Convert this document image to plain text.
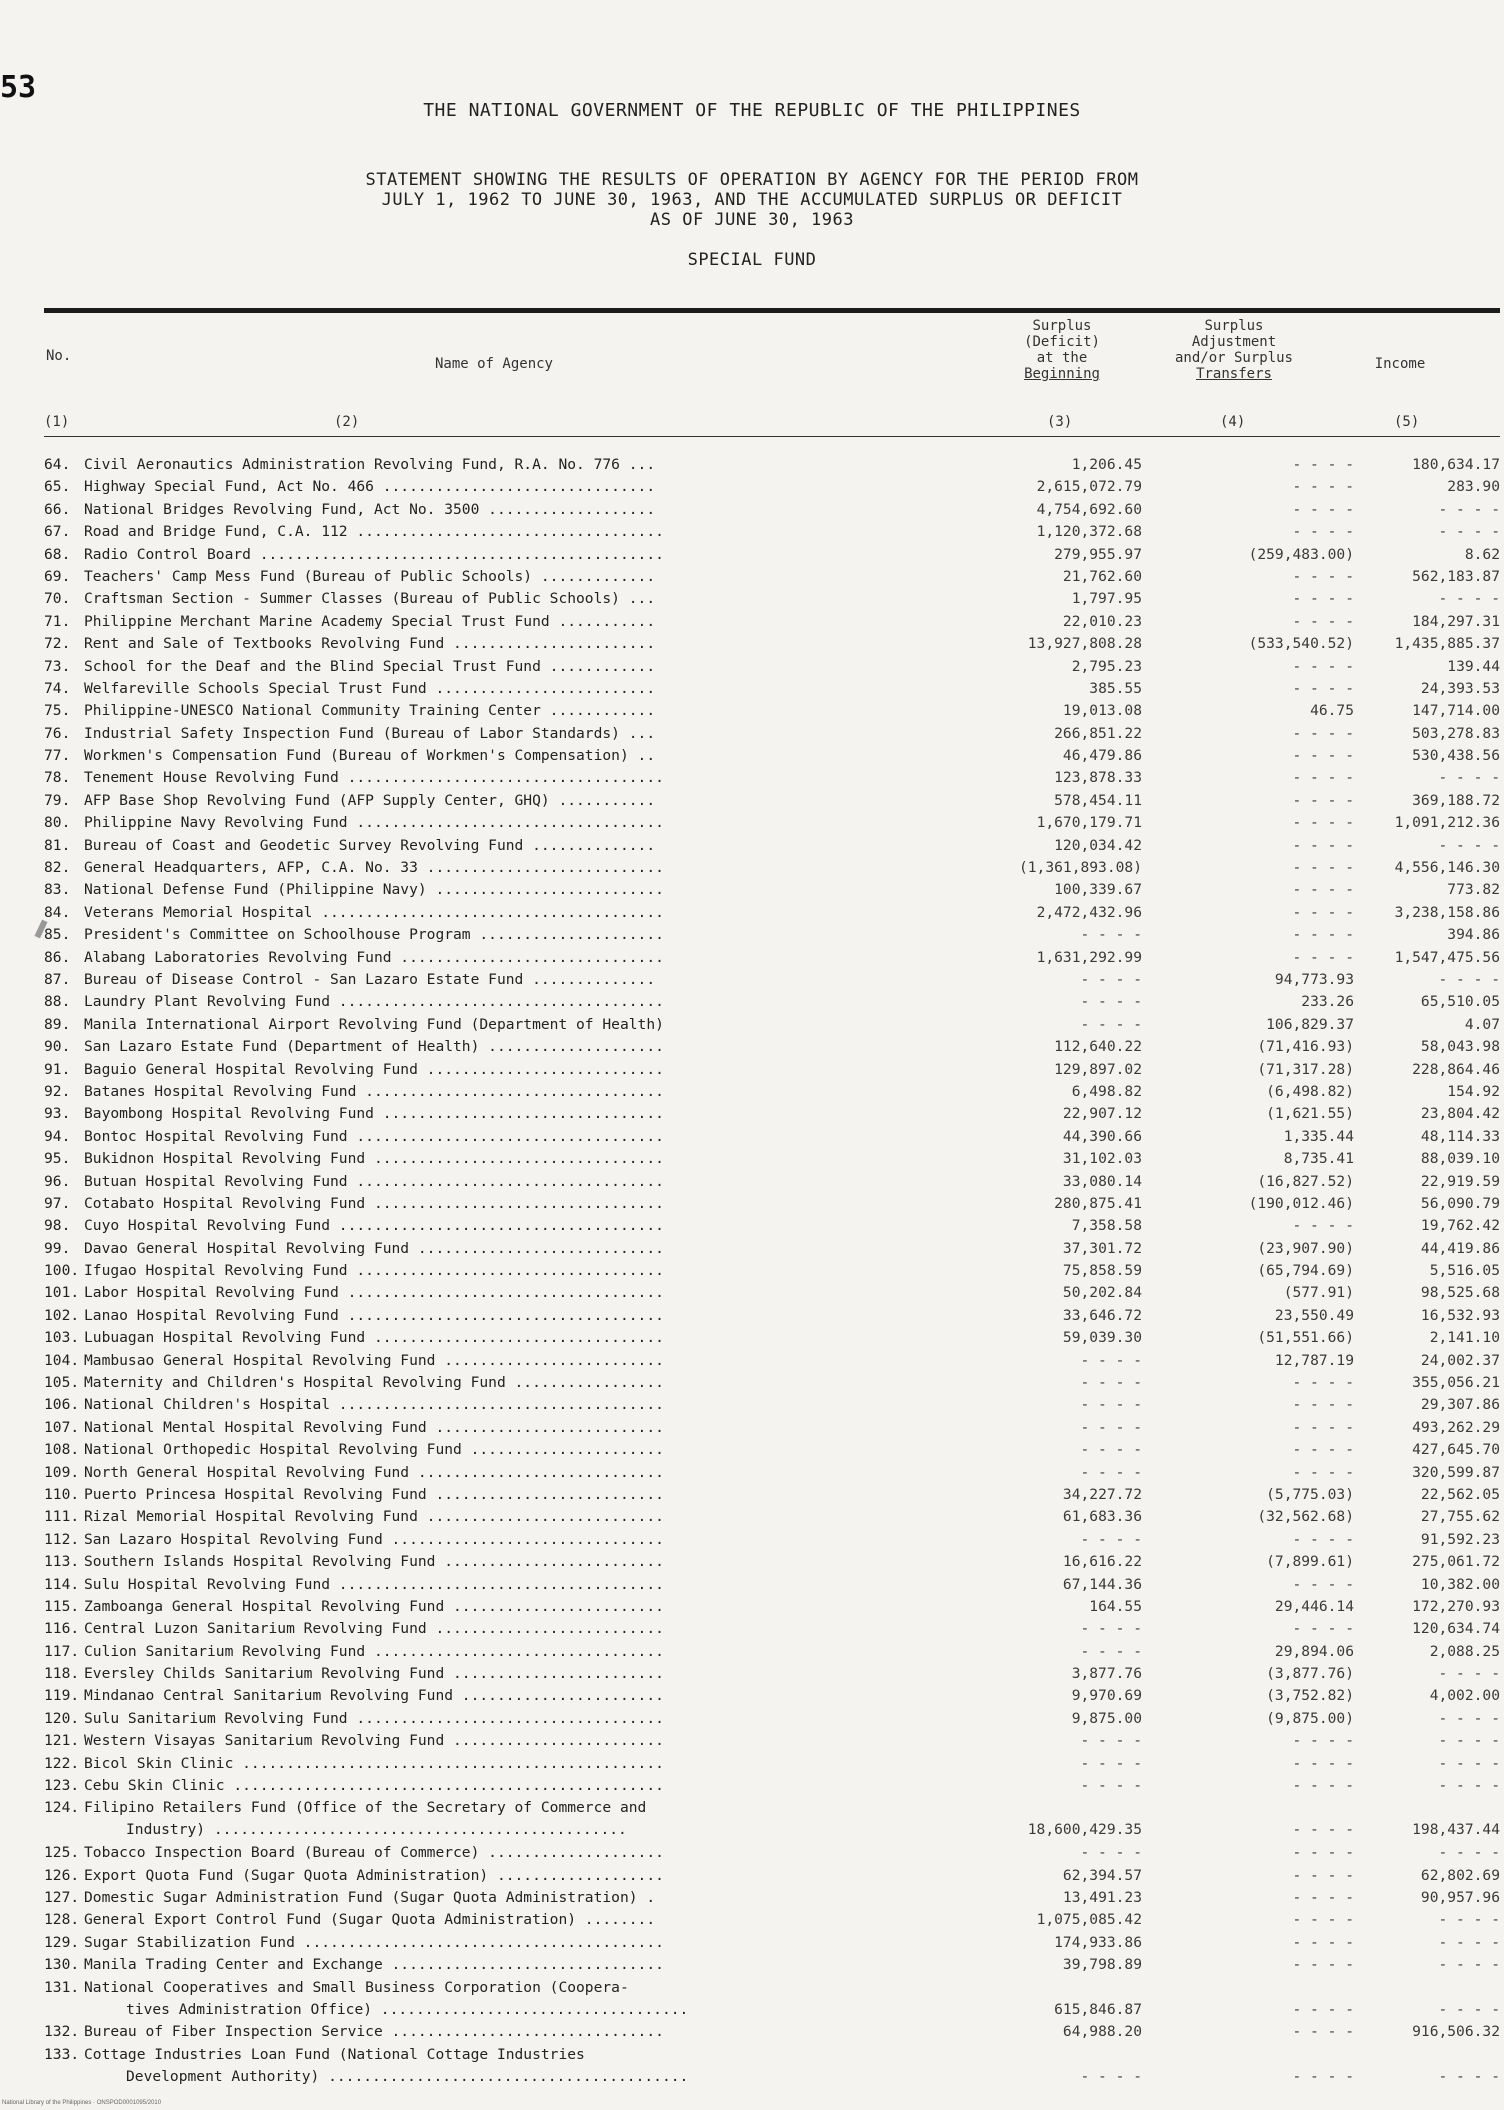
53
THE NATIONAL GOVERNMENT OF THE REPUBLIC OF THE PHILIPPINES
STATEMENT SHOWING THE RESULTS OF OPERATION BY AGENCY FOR THE PERIOD FROM
JULY 1, 1962 TO JUNE 30, 1963, AND THE ACCUMULATED SURPLUS OR DEFICIT
AS OF JUNE 30, 1963
SPECIAL FUND
No.	Name of Agency
Surplus
(Deficit)
at the
Beginning
Surplus
Adjustment
and/or Surplus
Transfers
Income
(1)	(2)	(3)	(4)	(5)
64. Civil Aeronautics Administration Revolving Fund, R.A. No. 776 ...	1,206.45	- - - -	180,634.17
65. Highway Special Fund, Act No. 466 ...............................	2,615,072.79	- - - -	283.90
66. National Bridges Revolving Fund, Act No. 3500 ...................	4,754,692.60	- - - -	- - - -
67. Road and Bridge Fund, C.A. 112 ...................................	1,120,372.68	- - - -	- - - -
68. Radio Control Board ..............................................	279,955.97	(259,483.00)	8.62
69. Teachers' Camp Mess Fund (Bureau of Public Schools) .............	21,762.60	- - - -	562,183.87
70. Craftsman Section - Summer Classes (Bureau of Public Schools) ...	1,797.95	- - - -	- - - -
71. Philippine Merchant Marine Academy Special Trust Fund ...........	22,010.23	- - - -	184,297.31
72. Rent and Sale of Textbooks Revolving Fund .......................	13,927,808.28	(533,540.52)	1,435,885.37
73. School for the Deaf and the Blind Special Trust Fund ............	2,795.23	- - - -	139.44
74. Welfareville Schools Special Trust Fund .........................	385.55	- - - -	24,393.53
75. Philippine-UNESCO National Community Training Center ............	19,013.08	46.75	147,714.00
76. Industrial Safety Inspection Fund (Bureau of Labor Standards) ...	266,851.22	- - - -	503,278.83
77. Workmen's Compensation Fund (Bureau of Workmen's Compensation) ..	46,479.86	- - - -	530,438.56
78. Tenement House Revolving Fund ....................................	123,878.33	- - - -	- - - -
79. AFP Base Shop Revolving Fund (AFP Supply Center, GHQ) ...........	578,454.11	- - - -	369,188.72
80. Philippine Navy Revolving Fund ...................................	1,670,179.71	- - - -	1,091,212.36
81. Bureau of Coast and Geodetic Survey Revolving Fund ..............	120,034.42	- - - -	- - - -
82. General Headquarters, AFP, C.A. No. 33 ...........................	(1,361,893.08)	- - - -	4,556,146.30
83. National Defense Fund (Philippine Navy) ..........................	100,339.67	- - - -	773.82
84. Veterans Memorial Hospital .......................................	2,472,432.96	- - - -	3,238,158.86
85. President's Committee on Schoolhouse Program .....................	- - - -	- - - -	394.86
86. Alabang Laboratories Revolving Fund ..............................	1,631,292.99	- - - -	1,547,475.56
87. Bureau of Disease Control - San Lazaro Estate Fund ..............	- - - -	94,773.93	- - - -
88. Laundry Plant Revolving Fund .....................................	- - - -	233.26	65,510.05
89. Manila International Airport Revolving Fund (Department of Health)	- - - -	106,829.37	4.07
90. San Lazaro Estate Fund (Department of Health) ....................	112,640.22	(71,416.93)	58,043.98
91. Baguio General Hospital Revolving Fund ...........................	129,897.02	(71,317.28)	228,864.46
92. Batanes Hospital Revolving Fund ..................................	6,498.82	(6,498.82)	154.92
93. Bayombong Hospital Revolving Fund ................................	22,907.12	(1,621.55)	23,804.42
94. Bontoc Hospital Revolving Fund ...................................	44,390.66	1,335.44	48,114.33
95. Bukidnon Hospital Revolving Fund .................................	31,102.03	8,735.41	88,039.10
96. Butuan Hospital Revolving Fund ...................................	33,080.14	(16,827.52)	22,919.59
97. Cotabato Hospital Revolving Fund .................................	280,875.41	(190,012.46)	56,090.79
98. Cuyo Hospital Revolving Fund .....................................	7,358.58	- - - -	19,762.42
99. Davao General Hospital Revolving Fund ............................	37,301.72	(23,907.90)	44,419.86
100. Ifugao Hospital Revolving Fund ...................................	75,858.59	(65,794.69)	5,516.05
101. Labor Hospital Revolving Fund ....................................	50,202.84	(577.91)	98,525.68
102. Lanao Hospital Revolving Fund ....................................	33,646.72	23,550.49	16,532.93
103. Lubuagan Hospital Revolving Fund .................................	59,039.30	(51,551.66)	2,141.10
104. Mambusao General Hospital Revolving Fund .........................	- - - -	12,787.19	24,002.37
105. Maternity and Children's Hospital Revolving Fund .................	- - - -	- - - -	355,056.21
106. National Children's Hospital .....................................	- - - -	- - - -	29,307.86
107. National Mental Hospital Revolving Fund ..........................	- - - -	- - - -	493,262.29
108. National Orthopedic Hospital Revolving Fund ......................	- - - -	- - - -	427,645.70
109. North General Hospital Revolving Fund ............................	- - - -	- - - -	320,599.87
110. Puerto Princesa Hospital Revolving Fund ..........................	34,227.72	(5,775.03)	22,562.05
111. Rizal Memorial Hospital Revolving Fund ...........................	61,683.36	(32,562.68)	27,755.62
112. San Lazaro Hospital Revolving Fund ...............................	- - - -	- - - -	91,592.23
113. Southern Islands Hospital Revolving Fund .........................	16,616.22	(7,899.61)	275,061.72
114. Sulu Hospital Revolving Fund .....................................	67,144.36	- - - -	10,382.00
115. Zamboanga General Hospital Revolving Fund ........................	164.55	29,446.14	172,270.93
116. Central Luzon Sanitarium Revolving Fund ..........................	- - - -	- - - -	120,634.74
117. Culion Sanitarium Revolving Fund .................................	- - - -	29,894.06	2,088.25
118. Eversley Childs Sanitarium Revolving Fund ........................	3,877.76	(3,877.76)	- - - -
119. Mindanao Central Sanitarium Revolving Fund .......................	9,970.69	(3,752.82)	4,002.00
120. Sulu Sanitarium Revolving Fund ...................................	9,875.00	(9,875.00)	- - - -
121. Western Visayas Sanitarium Revolving Fund ........................	- - - -	- - - -	- - - -
122. Bicol Skin Clinic ................................................	- - - -	- - - -	- - - -
123. Cebu Skin Clinic .................................................	- - - -	- - - -	- - - -
124. Filipino Retailers Fund (Office of the Secretary of Commerce and
Industry) ...............................................	18,600,429.35	- - - -	198,437.44
125. Tobacco Inspection Board (Bureau of Commerce) ....................	- - - -	- - - -	- - - -
126. Export Quota Fund (Sugar Quota Administration) ...................	62,394.57	- - - -	62,802.69
127. Domestic Sugar Administration Fund (Sugar Quota Administration) .	13,491.23	- - - -	90,957.96
128. General Export Control Fund (Sugar Quota Administration) ........	1,075,085.42	- - - -	- - - -
129. Sugar Stabilization Fund .........................................	174,933.86	- - - -	- - - -
130. Manila Trading Center and Exchange ...............................	39,798.89	- - - -	- - - -
131. National Cooperatives and Small Business Corporation (Coopera-
tives Administration Office) ...................................	615,846.87	- - - -	- - - -
132. Bureau of Fiber Inspection Service ...............................	64,988.20	- - - -	916,506.32
133. Cottage Industries Loan Fund (National Cottage Industries
Development Authority) .........................................	- - - -	- - - -	- - - -
National Library of the Philippines · ONSPOD0001095/2010
